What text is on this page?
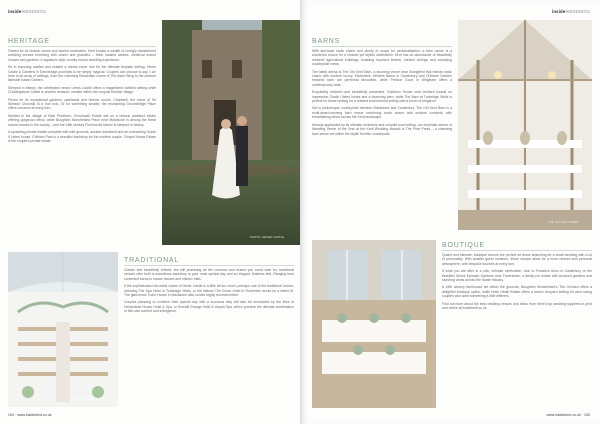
insideWEDDINGS
HERITAGE

Famed for its historic charm and storied landmarks, Kent boasts a wealth of lovingly transformed wedding venues brimming with charm and grandeur – think moated castles, medieval manor houses and gardens. A signature style country manor wedding experience.

It's in imposing castles and estates a dream come true for the ultimate fairytale setting. Hever Castle & Gardens in Edenbridge promises to be simply magical. Couples can choose to say 'I do' here in an array of settings, from the charming Edwardian rooms of The Astor Wing to the outdoor lakeside Italian Garden.

Steeped in history, the celebrated venue Leeds Castle offers a magnificent fortified setting while Chiddingstone Castle is another treasure, nestled within the unspoilt Kentish village.

Prized for its exceptional gardens, parklands and historic rooms, Chartwell, the home of Sir Winston Churchill, is a true icon. Or for something smaller, the enchanting Groombridge Place offers romance at every turn.

Nestled in the village of East Peckham, Oxonhoath Estate sits on a historic parkland estate offering gorgeous views, while Boughton Monchelsea Place near Maidstone is among the finest manor houses in the county – and the 16th century Finchcocks Manor is steeped in history.

A sprawling private estate complete with wild grounds, ancient woodland and an enchanting Grade II Listed house, Chilham Park is a beautiful backdrop for the modern couple. Chapel House Estate is the couple's private estate.

PHOTO: HEVER CASTLE
TERRACE GARDENS
TRADITIONAL

Classic and beautifully refined, but still promising all the romance and drama you could wish for, traditional venues offer both a marvellous backdrop to your most special day and an elegant, timeless feel. Ranging from converted barns to manor houses and historic halls.

If the sophisticated old-world charm of Hever Castle is a little bit too much, perhaps one of the traditional homes, including The Spa Hotel in Tunbridge Wells, or the historic The Grove Hotel in Rochester would be a better fit. The glamorous Tudor House in Maidstone also comes highly recommended.

Couples planning to combine their special day with a luxurious stay will also be enchanted by the likes of Hempstead House Hotel & Spa, or Rowhill Grange Hotel & Utopia Spa, which promise the ultimate combination of five-star comfort and indulgence.

104 · www.insidekent.co.uk
insideWEDDINGS
BARNS

With laid-back rustic charm and plenty of scope for personalisation, a barn venue is a wonderful choice for a relaxed yet stylish celebration. Kent has an abundance of beautifully restored agricultural buildings, boasting exposed beams, vaulted ceilings and sweeping countryside views.

The latest arrival is The Old Kent Barn, a stunning venue near Swingfield that blends rustic charm with modern luxury. Elsewhere, Winters Barns in Canterbury and Chilham Castle's restored barn are perennial favourites, while Preston Court in Wingham offers a contemporary twist.

Exquisitely restored and beautifully presented, Godinton House near Ashford boasts an impressive Grade I listed house and a charming barn, while The Barn at Tunbridge Wells is perfect for those looking for a relaxed and informal setting with a touch of elegance.

Set in picturesque countryside between Maidstone and Canterbury, The Old Kent Barn is a multi-award-winning barn venue combining rustic charm with modern comforts, with breathtaking views across the Kent landscape.

Already applauded by its ultimate reviewers and unspoilt rural setting, our emphatic winner of Wedding Venue of the Year at the Kent Wedding Awards is The Pear Press – a charming barn venue set within the idyllic Kentish countryside.

THE OLD KENT BARN
BOUTIQUE

Quaint and intimate, boutique venues are perfect for those searching for a small wedding with a lot of personality. With smaller guest numbers, these venues allow for a more relaxed and personal atmosphere, with bespoke touches at every turn.

If what you are after is a chic, intimate celebration, look to Fordwich Arms in Canterbury or the beautiful Mount Ephraim Gardens near Faversham, a family-run estate with terraced gardens and stunning views across the Swale estuary.

A 16th century farmhouse set within the grounds, Boughton Monchelsea's The Orchard offers a delightful boutique option, while Hush Heath Estate offers a scenic vineyard setting for wine-loving couples who want something a little different.

Find out more about the best wedding venues and ideas from Kent's top wedding suppliers in print and online at insidekent.co.uk

www.insidekent.co.uk · 105
